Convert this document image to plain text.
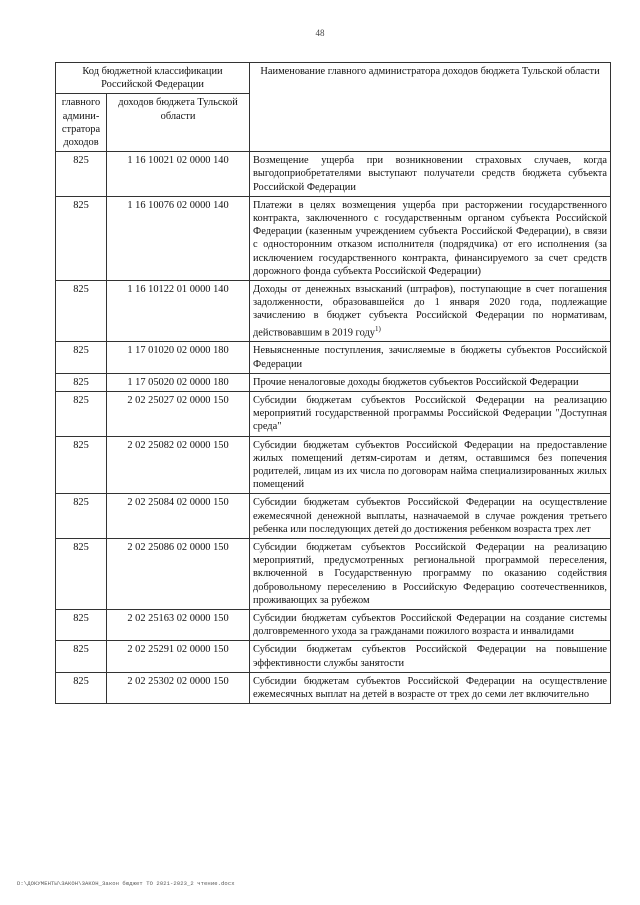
48
Код бюджетной классификации Российской Федерации		Наименование главного администратора доходов бюджета Тульской области
главного админи-стратора доходов	доходов бюджета Тульской области	
825	1 16 10021 02 0000 140	Возмещение ущерба при возникновении страховых случаев, когда выгодоприобретателями выступают получатели средств бюджета субъекта Российской Федерации
825	1 16 10076 02 0000 140	Платежи в целях возмещения ущерба при расторжении государственного контракта, заключенного с государственным органом субъекта Российской Федерации (казенным учреждением субъекта Российской Федерации), в связи с односторонним отказом исполнителя (подрядчика) от его исполнения (за исключением государственного контракта, финансируемого за счет средств дорожного фонда субъекта Российской Федерации)
825	1 16 10122 01 0000 140	Доходы от денежных взысканий (штрафов), поступающие в счет погашения задолженности, образовавшейся до 1 января 2020 года, подлежащие зачислению в бюджет субъекта Российской Федерации по нормативам, действовавшим в 2019 году$^{1)}$
825	1 17 01020 02 0000 180	Невыясненные поступления, зачисляемые в бюджеты субъектов Российской Федерации
825	1 17 05020 02 0000 180	Прочие неналоговые доходы бюджетов субъектов Российской Федерации
825	2 02 25027 02 0000 150	Субсидии бюджетам субъектов Российской Федерации на реализацию мероприятий государственной программы Российской Федерации "Доступная среда"
825	2 02 25082 02 0000 150	Субсидии бюджетам субъектов Российской Федерации на предоставление жилых помещений детям-сиротам и детям, оставшимся без попечения родителей, лицам из их числа по договорам найма специализированных жилых помещений
825	2 02 25084 02 0000 150	Субсидии бюджетам субъектов Российской Федерации на осуществление ежемесячной денежной выплаты, назначаемой в случае рождения третьего ребенка или последующих детей до достижения ребенком возраста трех лет
825	2 02 25086 02 0000 150	Субсидии бюджетам субъектов Российской Федерации на реализацию мероприятий, предусмотренных региональной программой переселения, включенной в Государственную программу по оказанию содействия добровольному переселению в Российскую Федерацию соотечественников, проживающих за рубежом
825	2 02 25163 02 0000 150	Субсидии бюджетам субъектов Российской Федерации на создание системы долговременного ухода за гражданами пожилого возраста и инвалидами
825	2 02 25291 02 0000 150	Субсидии бюджетам субъектов Российской Федерации на повышение эффективности службы занятости
825	2 02 25302 02 0000 150	Субсидии бюджетам субъектов Российской Федерации на осуществление ежемесячных выплат на детей в возрасте от трех до семи лет включительно
D:\ДОКУМЕНТЫ\ЗАКОН\ЗАКОН_Закон бюджет ТО 2021-2023_2 чтение.docx
